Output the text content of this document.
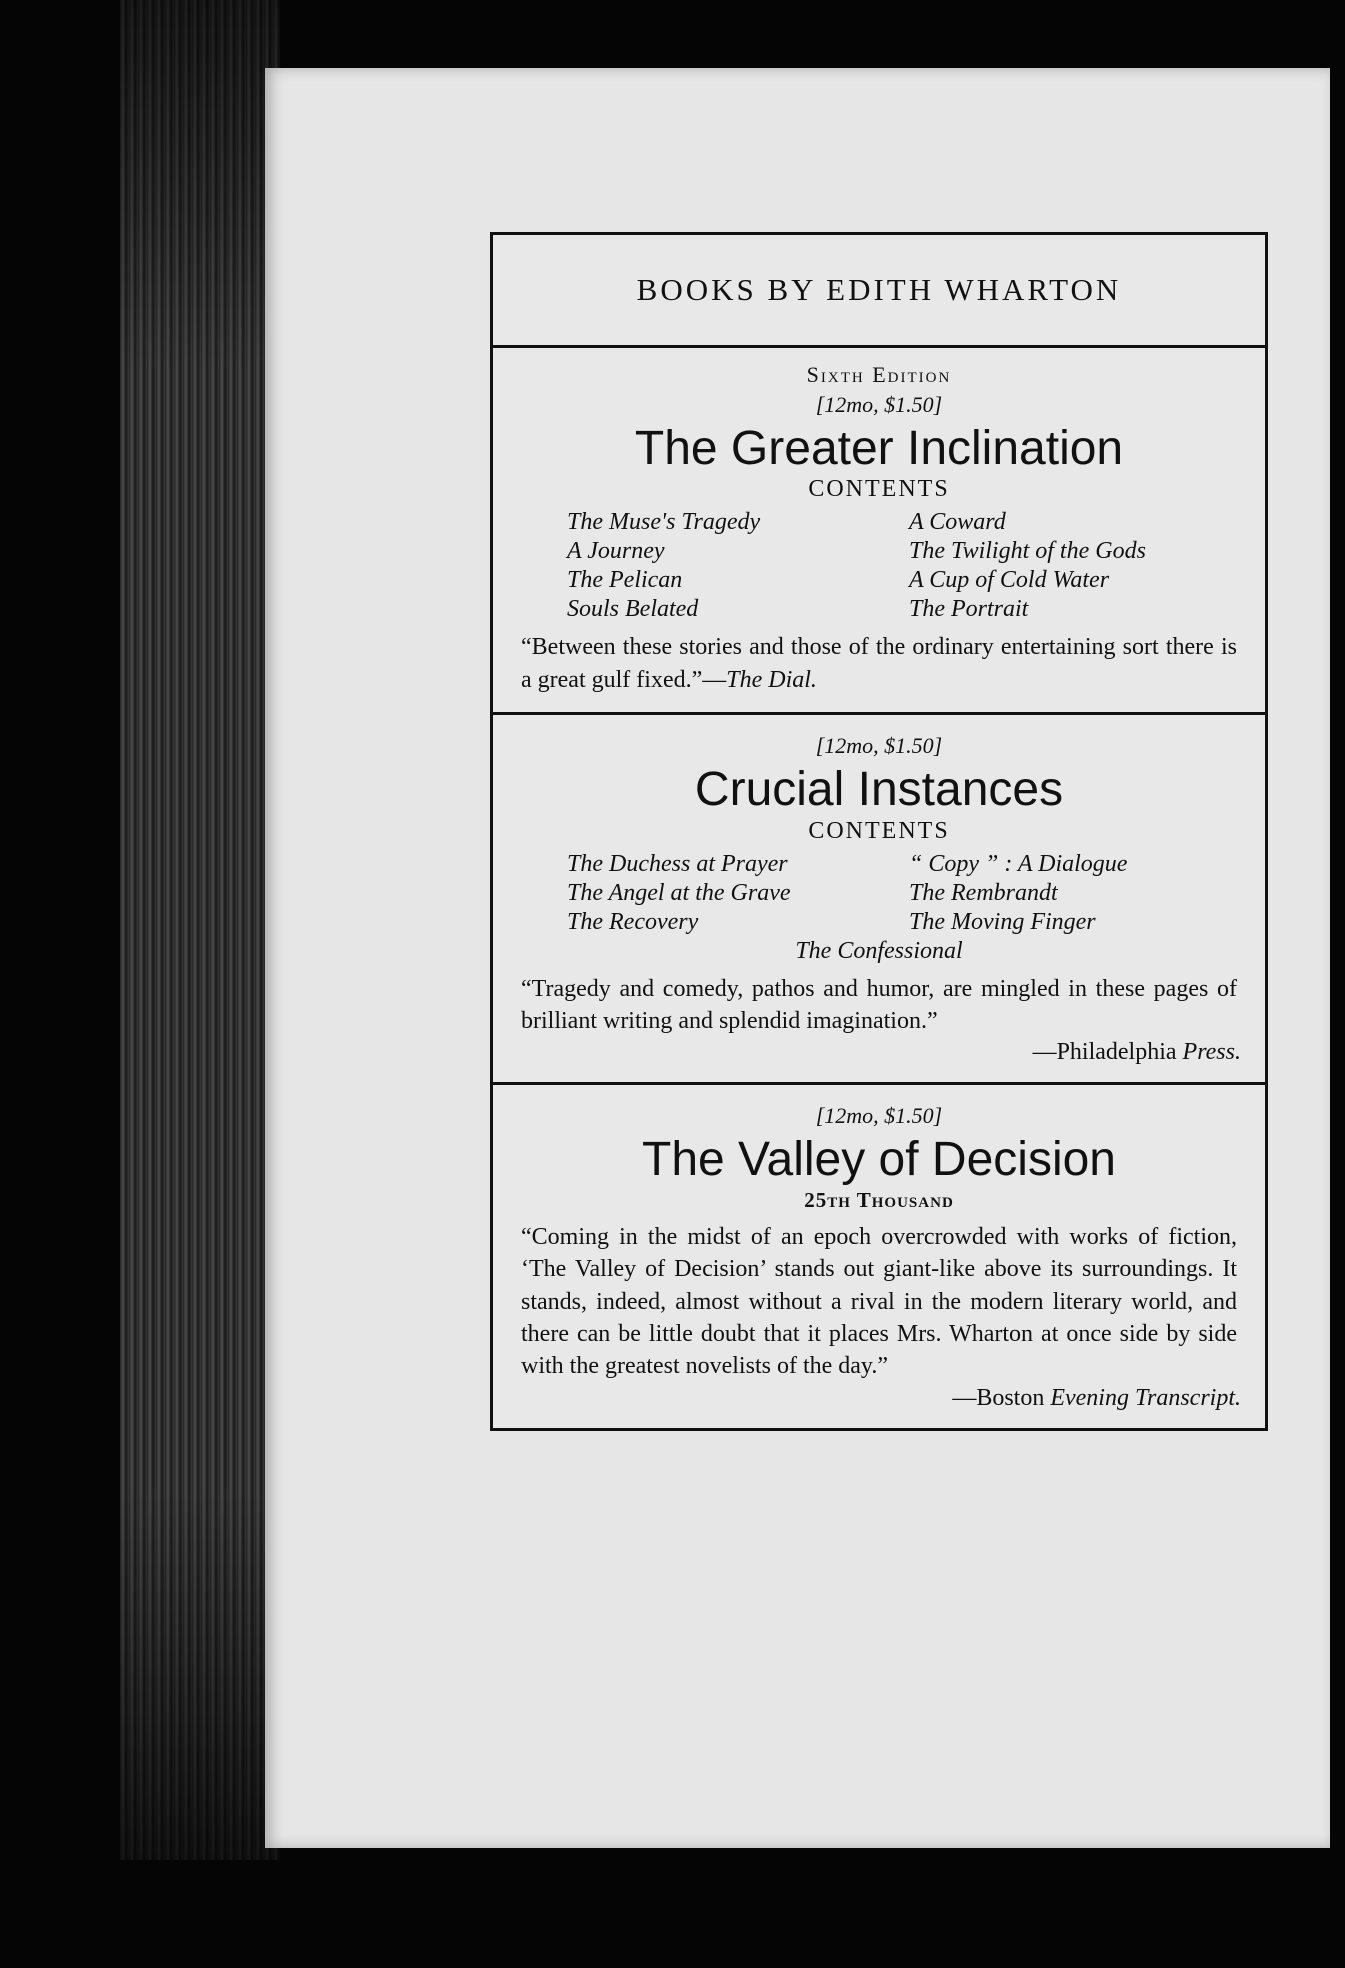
BOOKS BY EDITH WHARTON
Sixth Edition
[12mo, $1.50]
The Greater Inclination
CONTENTS
The Muse's Tragedy	A Coward
A Journey	The Twilight of the Gods
The Pelican	A Cup of Cold Water
Souls Belated	The Portrait
“Between these stories and those of the ordinary entertaining sort there is a great gulf fixed.”—The Dial.
[12mo, $1.50]
Crucial Instances
CONTENTS
The Duchess at Prayer	“ Copy ” : A Dialogue
The Angel at the Grave	The Rembrandt
The Recovery	The Moving Finger
The Confessional
“Tragedy and comedy, pathos and humor, are mingled in these pages of brilliant writing and splendid imagination.”
—Philadelphia Press.
[12mo, $1.50]
The Valley of Decision
25th Thousand
“Coming in the midst of an epoch overcrowded with works of fiction, ‘The Valley of Decision’ stands out giant-like above its surroundings. It stands, indeed, almost without a rival in the modern literary world, and there can be little doubt that it places Mrs. Wharton at once side by side with the greatest novelists of the day.”
—Boston Evening Transcript.
